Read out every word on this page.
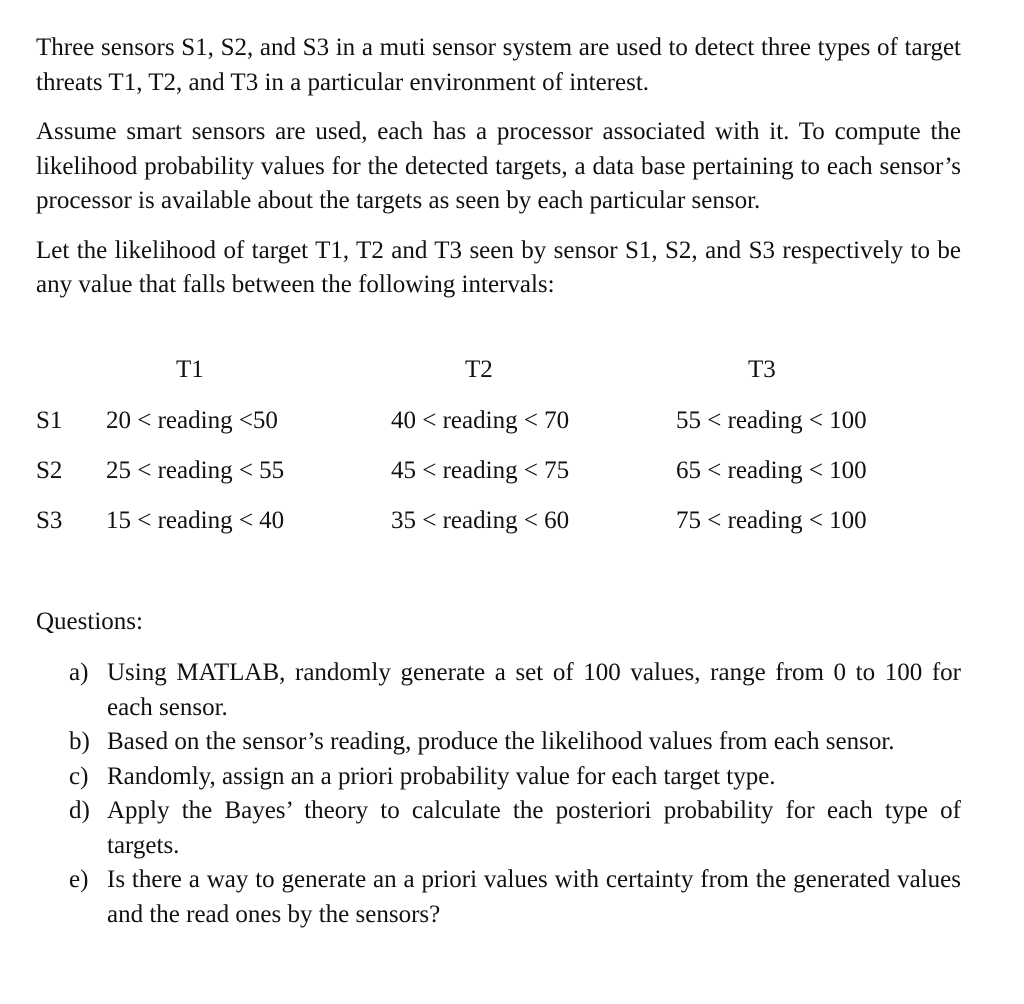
Three sensors S1, S2, and S3 in a muti sensor system are used to detect three types of target threats T1, T2, and T3 in a particular environment of interest.

Assume smart sensors are used, each has a processor associated with it. To compute the likelihood probability values for the detected targets, a data base pertaining to each sensor’s processor is available about the targets as seen by each particular sensor.

Let the likelihood of target T1, T2 and T3 seen by sensor S1, S2, and S3 respectively to be any value that falls between the following intervals:

T1	T2	T3
S1 20 < reading <50	40 < reading < 70	55 < reading < 100
S2 25 < reading < 55	45 < reading < 75	65 < reading < 100
S3 15 < reading < 40	35 < reading < 60	75 < reading < 100
Questions:
a) Using MATLAB, randomly generate a set of 100 values, range from 0 to 100 for each sensor.
b) Based on the sensor’s reading, produce the likelihood values from each sensor.
c) Randomly, assign an a priori probability value for each target type.
d) Apply the Bayes’ theory to calculate the posteriori probability for each type of targets.
e) Is there a way to generate an a priori values with certainty from the generated values and the read ones by the sensors?
